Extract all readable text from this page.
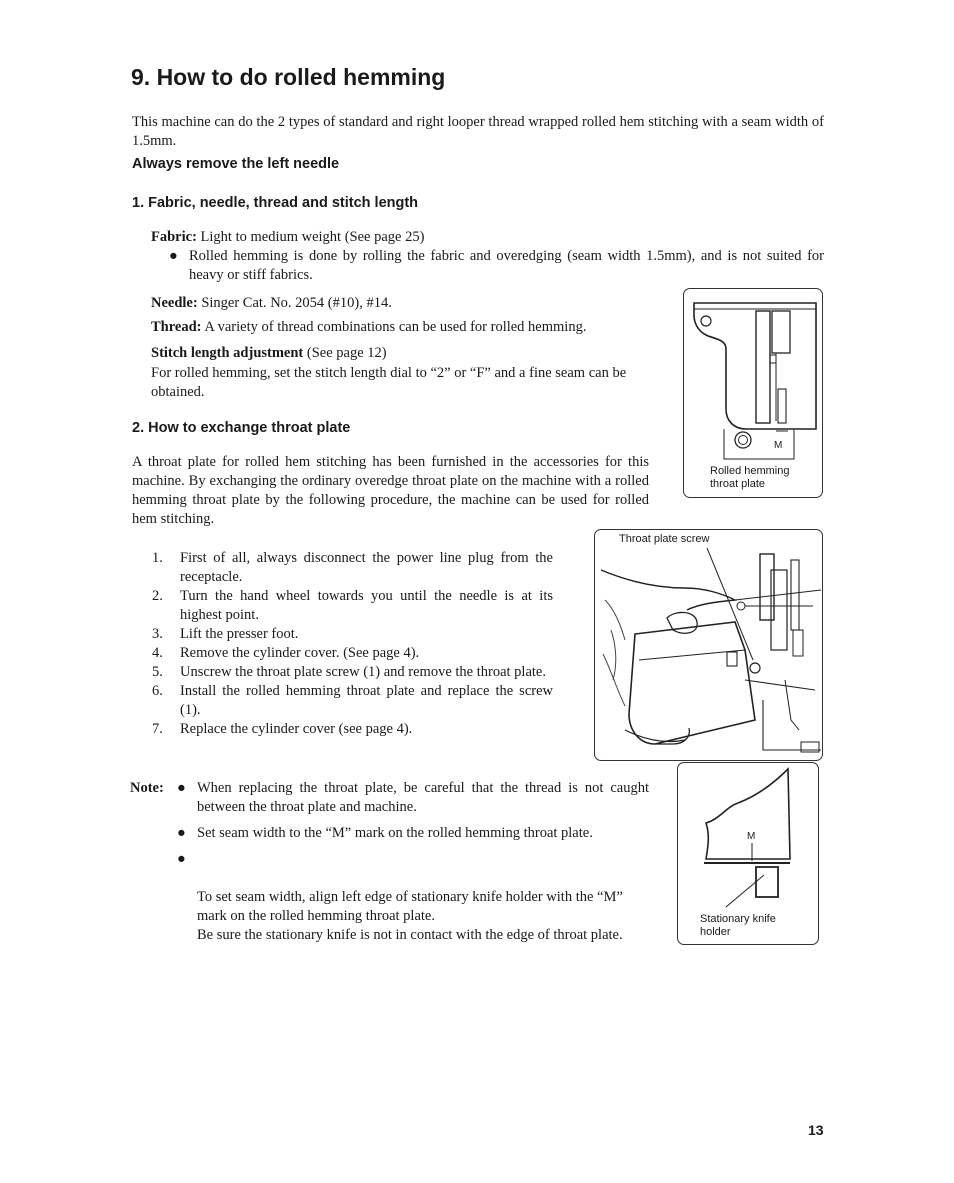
9. How to do rolled hemming
This machine can do the 2 types of standard and right looper thread wrapped rolled hem stitching with a seam width of 1.5mm.
Always remove the left needle
1. Fabric, needle, thread and stitch length
Fabric: Light to medium weight (See page 25)
● Rolled hemming is done by rolling the fabric and overedging (seam width 1.5mm), and is not suited for heavy or stiff fabrics.
Needle: Singer Cat. No. 2054 (#10), #14.
Thread: A variety of thread combinations can be used for rolled hemming.
Stitch length adjustment (See page 12)
For rolled hemming, set the stitch length dial to “2” or “F” and a fine seam can be obtained.
2. How to exchange throat plate
A throat plate for rolled hem stitching has been furnished in the accessories for this machine. By exchanging the ordinary overedge throat plate on the machine with a rolled hemming throat plate by the following procedure, the machine can be used for rolled hem stitching.
1. First of all, always disconnect the power line plug from the receptacle.
2. Turn the hand wheel towards you until the needle is at its highest point.
3. Lift the presser foot.
4. Remove the cylinder cover. (See page 4).
5. Unscrew the throat plate screw (1) and remove the throat plate.
6. Install the rolled hemming throat plate and replace the screw (1).
7. Replace the cylinder cover (see page 4).
Note: ● When replacing the throat plate, be careful that the thread is not caught between the throat plate and machine.
● Set seam width to the “M” mark on the rolled hemming throat plate.

●

To set seam width, align left edge of stationary knife holder with the “M” mark on the rolled hemming throat plate.
Be sure the stationary knife is not in contact with the edge of throat plate.

M
Rolled hemming
throat plate
Throat plate screw
M
Stationary knife
holder
13
